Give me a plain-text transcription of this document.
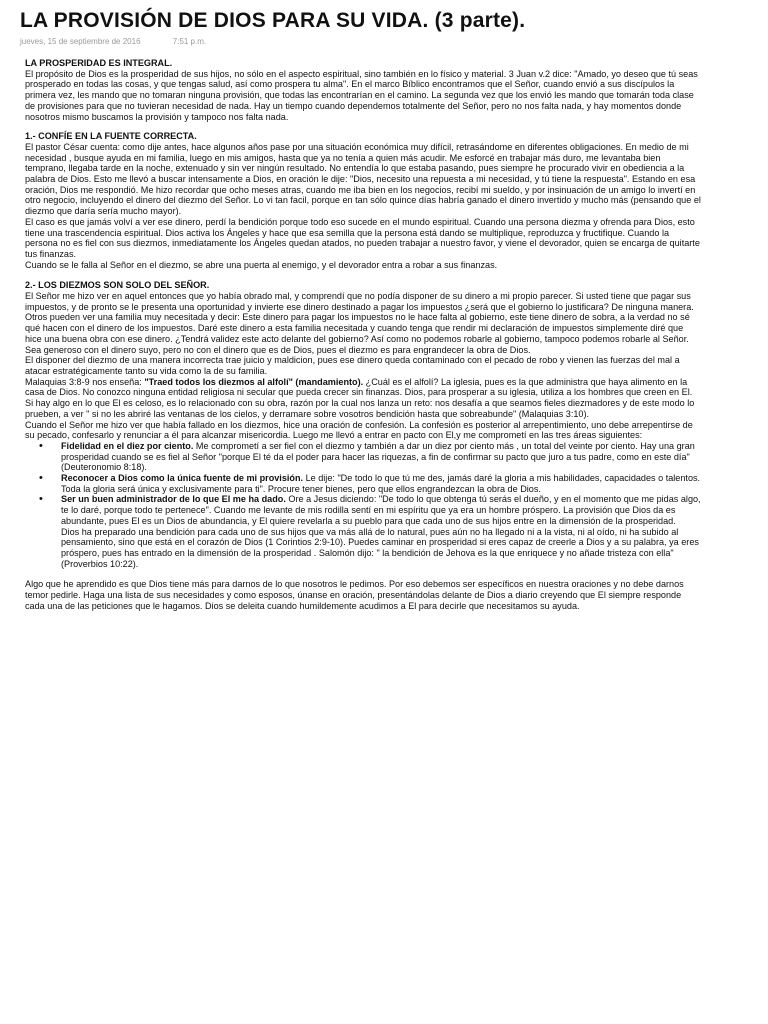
LA PROVISIÓN DE DIOS PARA SU VIDA. (3 parte).
jueves, 15 de septiembre de 2016	7:51 p.m.

LA PROSPERIDAD ES INTEGRAL.

El propósito de Dios es la prosperidad de sus hijos, no sólo en el aspecto espiritual, sino también en lo físico y material. 3 Juan v.2 dice: "Amado, yo deseo que tú seas prosperado en todas las cosas, y que tengas salud, así como prospera tu alma". En el marco Bíblico encontramos que el Señor, cuando envió a sus discípulos la primera vez, les mando que no tomaran ninguna provisión, que todas las encontrarían en el camino. La segunda vez que los envió les mando que tomarán toda clase de provisiones para que no tuvieran necesidad de nada. Hay un tiempo cuando dependemos totalmente del Señor, pero no nos falta nada, y hay momentos donde nosotros mismo buscamos la provisión y tampoco nos falta nada.

1.- CONFÍE EN LA FUENTE CORRECTA.

El pastor César cuenta: como dije antes, hace algunos años pase por una situación económica muy difícil, retrasándome en diferentes obligaciones. En medio de mi necesidad , busque ayuda en mi familia, luego en mis amigos, hasta que ya no tenía a quien más acudir. Me esforcé en trabajar más duro, me levantaba bien temprano, llegaba tarde en la noche, extenuado y sin ver ningún resultado. No entendía lo que estaba pasando, pues siempre he procurado vivir en obediencia a la palabra de Dios. Esto me llevó a buscar intensamente a Dios, en oración le dije: "Dios, necesito una repuesta a mi necesidad, y tú tiene la respuesta". Estando en esa oración, Dios me respondió. Me hizo recordar que ocho meses atras, cuando me iba bien en los negocios, recibí mi sueldo, y por insinuación de un amigo lo invertí en otro negocio, incluyendo el dinero del diezmo del Señor. Lo vi tan facil, porque en tan sólo quince días habría ganado el dinero invertido y mucho más (pensando que el diezmo que daría sería mucho mayor).

El caso es que jamás volví a ver ese dinero, perdí la bendición porque todo eso sucede en el mundo espiritual. Cuando una persona diezma y ofrenda para Dios, esto tiene una trascendencia espiritual. Dios activa los Ángeles y hace que esa semilla que la persona está dando se multiplique, reproduzca y fructifique. Cuando la persona no es fiel con sus diezmos, inmediatamente los Ángeles quedan atados, no pueden trabajar a nuestro favor, y viene el devorador, quien se encarga de quitarte tus finanzas.

Cuando se le falla al Señor en el diezmo, se abre una puerta al enemigo, y el devorador entra a robar a sus finanzas.

2.- LOS DIEZMOS SON SOLO DEL SEÑOR.

El Señor me hizo ver en aquel entonces que yo había obrado mal, y comprendí que no podía disponer de su dinero a mi propio parecer. Si usted tiene que pagar sus impuestos, y de pronto se le presenta una oportunidad y invierte ese dinero destinado a pagar los impuestos ¿será que el gobierno lo justificara? De ninguna manera. Otros pueden ver una familia muy necesitada y decir: Este dinero para pagar los impuestos no le hace falta al gobierno, este tiene dinero de sobra, a la verdad no sé qué hacen con el dinero de los impuestos. Daré este dinero a esta familia necesitada y cuando tenga que rendir mi declaración de impuestos simplemente diré que hice una buena obra con ese dinero. ¿Tendrá validez este acto delante del gobierno? Así como no podemos robarle al gobierno, tampoco podemos robarle al Señor. Sea generoso con el dinero suyo, pero no con el dinero que es de Dios, pues el diezmo es para engrandecer la obra de Dios.

El disponer del diezmo de una manera incorrecta trae juicio y maldicion, pues ese dinero queda contaminado con el pecado de robo y vienen las fuerzas del mal a atacar estratégicamente tanto su vida como la de su familia.

Malaquias 3:8-9 nos enseña: "Traed todos los diezmos al alfolí" (mandamiento). ¿Cuál es el alfolí? La iglesia, pues es la que administra que haya alimento en la casa de Dios. No conozco ninguna entidad religiosa ni secular que pueda crecer sin finanzas. Dios, para prosperar a su iglesia, utiliza a los hombres que creen en El. Si hay algo en lo que El es celoso, es lo relacionado con su obra, razón por la cual nos lanza un reto: nos desafía a que seamos fieles diezmadores y de este modo lo prueben, a ver " si no les abriré las ventanas de los cielos, y derramare sobre vosotros bendición hasta que sobreabunde" (Malaquias 3:10).

Cuando el Señor me hizo ver que había fallado en los diezmos, hice una oración de confesión. La confesión es posterior al arrepentimiento, uno debe arrepentirse de su pecado, confesarlo y renunciar a él para alcanzar misericordia. Luego me llevó a entrar en pacto con El,y me comprometí en las tres áreas siguientes:

• Fidelidad en el diez por ciento. Me comprometí a ser fiel con el diezmo y también a dar un diez por ciento más , un total del veinte por ciento. Hay una gran prosperidad cuando se es fiel al Señor "porque El té da el poder para hacer las riquezas, a fin de confirmar su pacto que juro a tus padre, como en este día" (Deuteronomio 8:18).
• Reconocer a Dios como la única fuente de mi provisión. Le dije: "De todo lo que tú me des, jamás daré la gloria a mis habilidades, capacidades o talentos. Toda la gloria será única y exclusivamente para ti". Procure tener bienes, pero que ellos engrandezcan la obra de Dios.
• Ser un buen administrador de lo que El me ha dado. Ore a Jesus diciendo: "De todo lo que obtenga tú serás el dueño, y en el momento que me pidas algo, te lo daré, porque todo te pertenece". Cuando me levante de mis rodilla sentí en mi espíritu que ya era un hombre próspero. La provisión que Dios da es abundante, pues El es un Dios de abundancia, y El quiere revelarla a su pueblo para que cada uno de sus hijos entre en la dimensión de la prosperidad.
Dios ha preparado una bendición para cada uno de sus hijos que va más allá de lo natural, pues aún no ha llegado ni a la vista, ni al oído, ni ha subido al pensamiento, sino que está en el corazón de Dios (1 Corintios 2:9-10). Puedes caminar en prosperidad si eres capaz de creerle a Dios y a su palabra, ya eres próspero, pues has entrado en la dimensión de la prosperidad . Salomón dijo: " la bendición de Jehova es la que enriquece y no añade tristeza con ella" (Proverbios 10:22).

Algo que he aprendido es que Dios tiene más para darnos de lo que nosotros le pedimos. Por eso debemos ser específicos en nuestra oraciones y no debe darnos temor pedirle. Haga una lista de sus necesidades y como esposos, únanse en oración, presentándolas delante de Dios a diario creyendo que El siempre responde cada una de las peticiones que le hagamos. Dios se deleita cuando humildemente acudimos a El para decirle que necesitamos su ayuda.
